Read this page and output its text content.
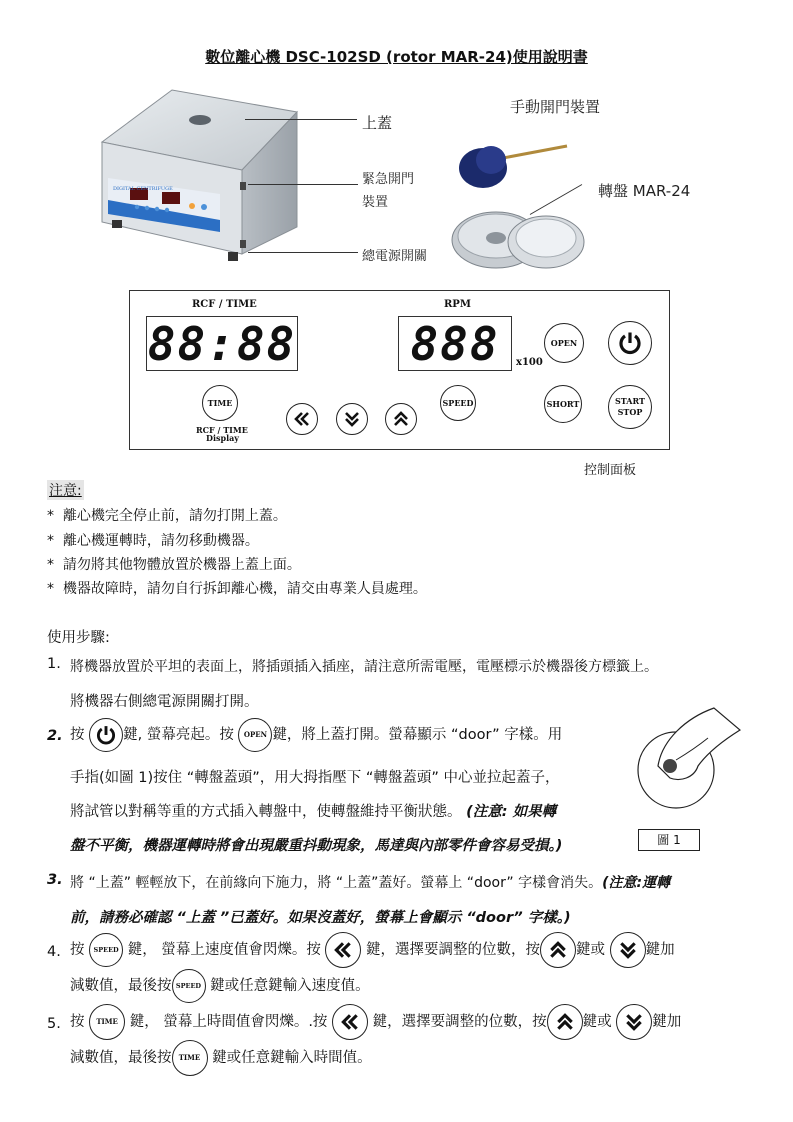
數位離心機 DSC-102SD (rotor MAR-24)使用說明書
DIGITAL CENTRIFUGE
上蓋
緊急開門
裝置
總電源開關
手動開門裝置
轉盤 MAR-24
RCF / TIME	RPM
88:88 888	x100
OPEN
TIME
RCF / TIME
Display
SPEED	SHORT	START
STOP
控制面板
注意:
*  離心機完全停止前，請勿打開上蓋。
*  離心機運轉時，請勿移動機器。
*  請勿將其他物體放置於機器上蓋上面。
*  機器故障時，請勿自行拆卸離心機，請交由專業人員處理。
使用步驟:
1. 將機器放置於平坦的表面上，將插頭插入插座，請注意所需電壓，電壓標示於機器後方標籤上。
將機器右側總電源開關打開。
2. 按	鍵, 螢幕亮起。按 OPEN 鍵，將上蓋打開。螢幕顯示 “door” 字樣。用
手指(如圖 1)按住 “轉盤蓋頭”，用大拇指壓下 “轉盤蓋頭” 中心並拉起蓋子，
將試管以對稱等重的方式插入轉盤中，使轉盤維持平衡狀態。 (注意: 如果轉
盤不平衡，機器運轉時將會出現嚴重抖動現象，馬達與內部零件會容易受損。)	圖 1
3. 將 “上蓋” 輕輕放下，在前緣向下施力，將 “上蓋”蓋好。螢幕上 “door” 字樣會消失。(注意:運轉
前，請務必確認 “上蓋 ”已蓋好。如果沒蓋好，螢幕上會顯示 “door” 字樣。)
4. 按 SPEED 鍵， 螢幕上速度值會閃爍。按	鍵，選擇要調整的位數，按 鍵或	鍵加
減數值，最後按 SPEED 鍵或任意鍵輸入速度值。
5. 按 TIME 鍵， 螢幕上時間值會閃爍。.按	鍵，選擇要調整的位數，按 鍵或	鍵加
減數值，最後按 TIME 鍵或任意鍵輸入時間值。
